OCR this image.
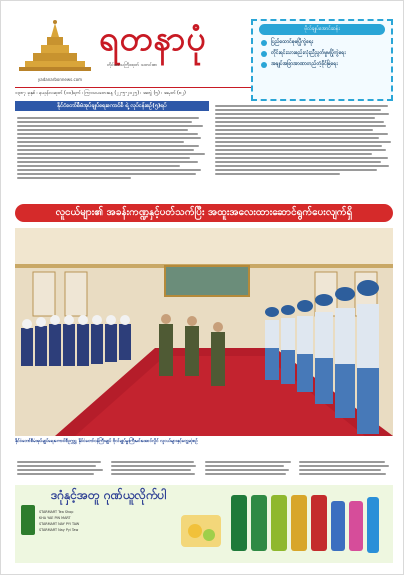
yadanarbonnews.com
ရတနာပုံ
တိုင်းဒေသကြီးထုတ် သတင်းစာ
၁၃၈၇ ခုနှစ် ၊ နယုန်လဆုတ် (၁၀)ရက် ၊ ကြာသပတေးနေ့ (၂၂-၅-၂၀၂၅) ၊ အတွဲ (၅) ၊ အမှတ် (၈၂)
ဗိုလ်ချုပ်အောင်ဆန်း
ပြည်ထောင်စုမပြိုကွဲရေး
တိုင်းရင်းသားစည်းလုံးညီညွတ်မှုမပြိုကွဲရေး
အချုပ်အခြာအာဏာတည်တံ့ခိုင်မြဲရေး
နိုင်ငံတော်စီမံအုပ်ချုပ်ရေးကောင်စီ ရဲ့ လုပ်ငန်းစဉ်(၅)ရပ်
လူငယ်များ၏ အခန်းကဏ္ဍနှင့်ပတ်သက်ပြီး အထူးအလေးထားဆောင်ရွက်ပေးလျက်ရှိ
နိုင်ငံတော်စီမံအုပ်ချုပ်ရေးကောင်စီဥက္ကဋ္ဌ နိုင်ငံတော်ဝန်ကြီးချုပ် ဗိုလ်ချုပ်မှူးကြီးမင်းအောင်လှိုင် လူငယ်များနှင့်တွေ့ဆုံစဉ်
ဒဂုံနှင့်အတူ ဂုဏ်ယူလိုက်ပါ
STARMART Tea Shop
KHA YAE PIN MART
STARMART NAY PYI TAW
STARMART Nay Pyi Taw
